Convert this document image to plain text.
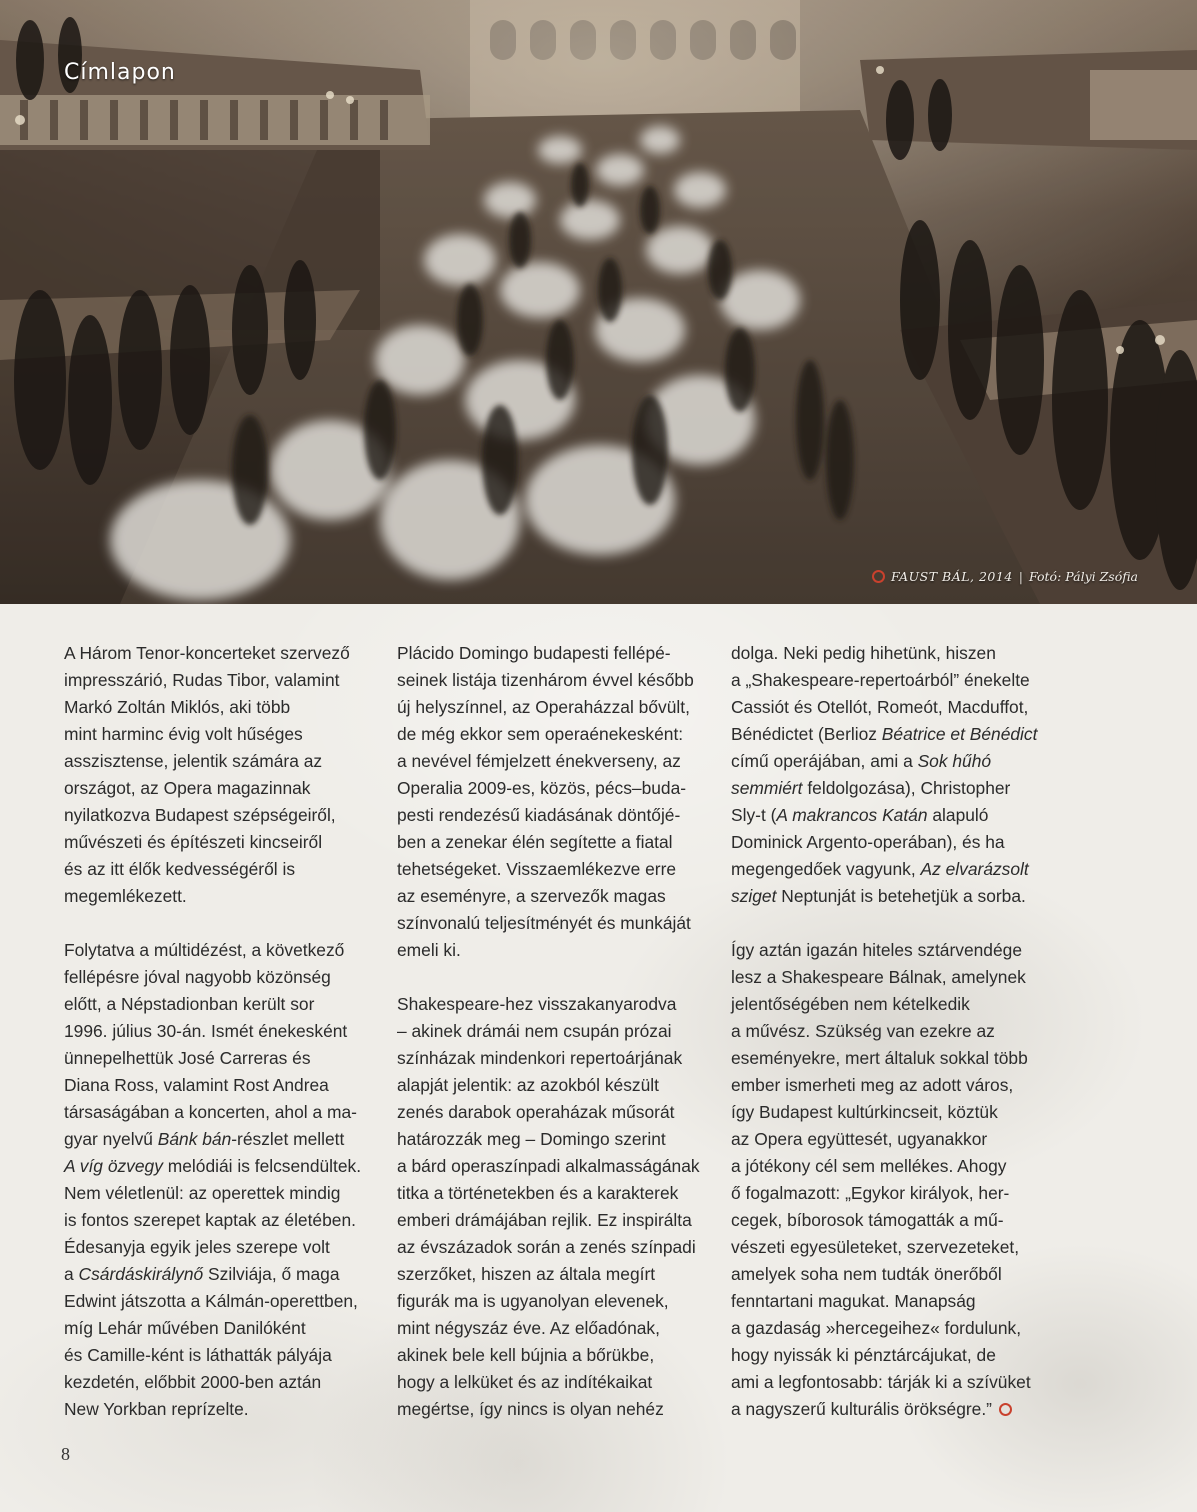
Címlapon
FAUST BÁL, 2014 | Fotó: Pályi Zsófia

A Három Tenor-koncerteket szervező
impresszárió, Rudas Tibor, valamint
Markó Zoltán Miklós, aki több
mint harminc évig volt hűséges
asszisztense, jelentik számára az
országot, az Opera magazinnak
nyilatkozva Budapest szépségeiről,
művészeti és építészeti kincseiről
és az itt élők kedvességéről is
megemlékezett.

Folytatva a múltidézést, a következő
fellépésre jóval nagyobb közönség
előtt, a Népstadionban került sor
1996. július 30-án. Ismét énekesként
ünnepelhettük José Carreras és
Diana Ross, valamint Rost Andrea
társaságában a koncerten, ahol a ma-
gyar nyelvű Bánk bán-részlet mellett
A víg özvegy melódiái is felcsendültek.
Nem véletlenül: az operettek mindig
is fontos szerepet kaptak az életében.
Édesanyja egyik jeles szerepe volt
a Csárdáskirálynő Szilviája, ő maga
Edwint játszotta a Kálmán-operettben,
míg Lehár művében Danilóként
és Camille-ként is láthatták pályája
kezdetén, előbbit 2000-ben aztán
New Yorkban reprízelte.

Plácido Domingo budapesti fellépé-
seinek listája tizenhárom évvel később
új helyszínnel, az Operaházzal bővült,
de még ekkor sem operaénekesként:
a nevével fémjelzett énekverseny, az
Operalia 2009-es, közös, pécs–buda-
pesti rendezésű kiadásának döntőjé-
ben a zenekar élén segítette a fiatal
tehetségeket. Visszaemlékezve erre
az eseményre, a szervezők magas
színvonalú teljesítményét és munkáját
emeli ki.

Shakespeare-hez visszakanyarodva
– akinek drámái nem csupán prózai
színházak mindenkori repertoárjának
alapját jelentik: az azokból készült
zenés darabok operaházak műsorát
határozzák meg – Domingo szerint
a bárd operaszínpadi alkalmasságának
titka a történetekben és a karakterek
emberi drámájában rejlik. Ez inspirálta
az évszázadok során a zenés színpadi
szerzőket, hiszen az általa megírt
figurák ma is ugyanolyan elevenek,
mint négyszáz éve. Az előadónak,
akinek bele kell bújnia a bőrükbe,
hogy a lelküket és az indítékaikat
megértse, így nincs is olyan nehéz

dolga. Neki pedig hihetünk, hiszen
a „Shakespeare-repertoárból” énekelte
Cassiót és Otellót, Romeót, Macduffot,
Bénédictet (Berlioz Béatrice et Bénédict
című operájában, ami a Sok hűhó
semmiért feldolgozása), Christopher
Sly-t (A makrancos Katán alapuló
Dominick Argento-operában), és ha
megengedőek vagyunk, Az elvarázsolt
sziget Neptunját is betehetjük a sorba.

Így aztán igazán hiteles sztárvendége
lesz a Shakespeare Bálnak, amelynek
jelentőségében nem kételkedik
a művész. Szükség van ezekre az
eseményekre, mert általuk sokkal több
ember ismerheti meg az adott város,
így Budapest kultúrkincseit, köztük
az Opera együttesét, ugyanakkor
a jótékony cél sem mellékes. Ahogy
ő fogalmazott: „Egykor királyok, her-
cegek, bíborosok támogatták a mű-
vészeti egyesületeket, szervezeteket,
amelyek soha nem tudták önerőből
fenntartani magukat. Manapság
a gazdaság »hercegeihez« fordulunk,
hogy nyissák ki pénztárcájukat, de
ami a legfontosabb: tárják ki a szívüket
a nagyszerű kulturális örökségre.”

8
